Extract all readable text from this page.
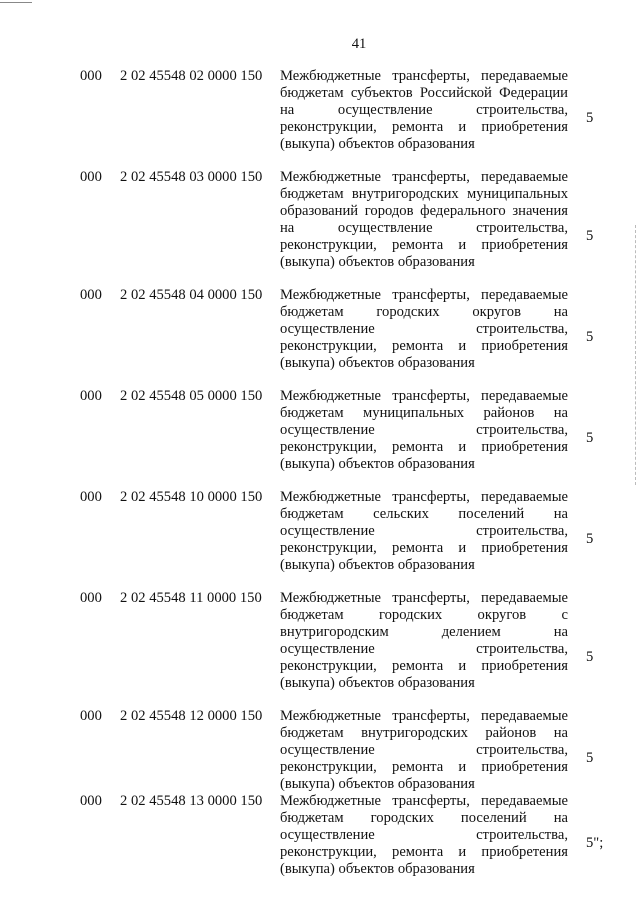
41
000	2 02 45548 02 0000 150	Межбюджетные трансферты, передаваемые
бюджетам субъектов Российской Федерации
на осуществление строительства,
реконструкции, ремонта и приобретения
(выкупа) объектов образования
5
000	2 02 45548 03 0000 150	Межбюджетные трансферты, передаваемые
бюджетам внутригородских муниципальных
образований городов федерального значения
на осуществление строительства,
реконструкции, ремонта и приобретения
(выкупа) объектов образования
5
000	2 02 45548 04 0000 150	Межбюджетные трансферты, передаваемые
бюджетам городских округов на
осуществление строительства,
реконструкции, ремонта и приобретения
(выкупа) объектов образования
5
000	2 02 45548 05 0000 150	Межбюджетные трансферты, передаваемые
бюджетам муниципальных районов на
осуществление строительства,
реконструкции, ремонта и приобретения
(выкупа) объектов образования
5
000	2 02 45548 10 0000 150	Межбюджетные трансферты, передаваемые
бюджетам сельских поселений на
осуществление строительства,
реконструкции, ремонта и приобретения
(выкупа) объектов образования
5
000	2 02 45548 11 0000 150	Межбюджетные трансферты, передаваемые
бюджетам городских округов с
внутригородским делением на
осуществление строительства,
реконструкции, ремонта и приобретения
(выкупа) объектов образования
5
000	2 02 45548 12 0000 150	Межбюджетные трансферты, передаваемые
бюджетам внутригородских районов на
осуществление строительства,
реконструкции, ремонта и приобретения
(выкупа) объектов образования
5
000	2 02 45548 13 0000 150	Межбюджетные трансферты, передаваемые
бюджетам городских поселений на
осуществление строительства,
реконструкции, ремонта и приобретения
(выкупа) объектов образования
5";
